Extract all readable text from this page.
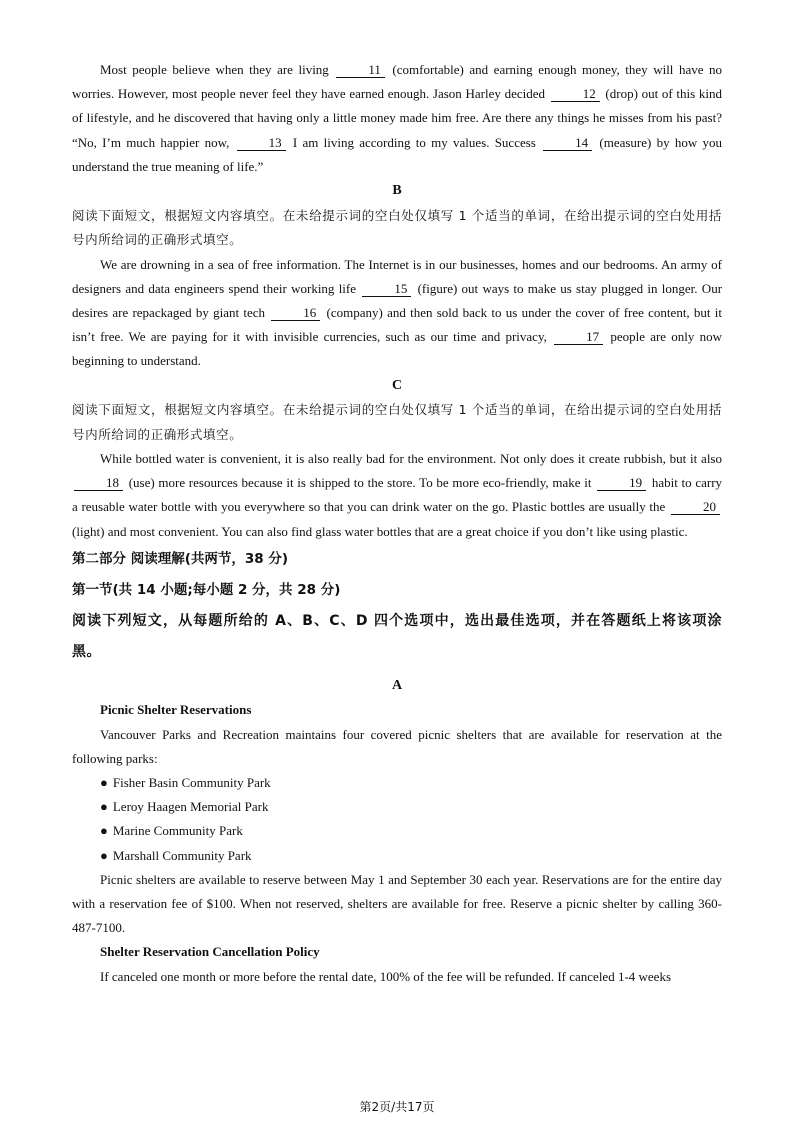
Most people believe when they are living	11 (comfortable) and earning enough money, they will have no worries. However, most people never feel they have earned enough. Jason Harley decided	12 (drop) out of this kind of lifestyle, and he discovered that having only a little money made him free. Are there any things he misses from his past? “No, I’m much happier now,	13 I am living according to my values. Success	14 (measure) by how you understand the true meaning of life.”

B

阅读下面短文，根据短文内容填空。在未给提示词的空白处仅填写 1 个适当的单词，在给出提示词的空白处用括号内所给词的正确形式填空。

We are drowning in a sea of free information. The Internet is in our businesses, homes and our bedrooms. An army of designers and data engineers spend their working life	15 (figure) out ways to make us stay plugged in longer. Our desires are repackaged by giant tech	16 (company) and then sold back to us under the cover of free content, but it isn’t free. We are paying for it with invisible currencies, such as our time and privacy,	17 people are only now beginning to understand.

C

阅读下面短文，根据短文内容填空。在未给提示词的空白处仅填写 1 个适当的单词，在给出提示词的空白处用括号内所给词的正确形式填空。

While bottled water is convenient, it is also really bad for the environment. Not only does it create rubbish, but it also 18 (use) more resources because it is shipped to the store. To be more eco-friendly, make it	19 habit to carry a reusable water bottle with you everywhere so that you can drink water on the go. Plastic bottles are usually the	20 (light) and most convenient. You can also find glass water bottles that are a great choice if you don’t like using plastic.

第二部分 阅读理解(共两节，38 分)

第一节(共 14 小题;每小题 2 分，共 28 分)

阅读下列短文，从每题所给的 A、B、C、D 四个选项中，选出最佳选项，并在答题纸上将该项涂黑。

A

Picnic Shelter Reservations

Vancouver Parks and Recreation maintains four covered picnic shelters that are available for reservation at the following parks:

● Fisher Basin Community Park
● Leroy Haagen Memorial Park
● Marine Community Park
● Marshall Community Park

Picnic shelters are available to reserve between May 1 and September 30 each year. Reservations are for the entire day with a reservation fee of $100. When not reserved, shelters are available for free. Reserve a picnic shelter by calling 360-487-7100.

Shelter Reservation Cancellation Policy

If canceled one month or more before the rental date, 100% of the fee will be refunded. If canceled 1-4 weeks

第2页/共17页
